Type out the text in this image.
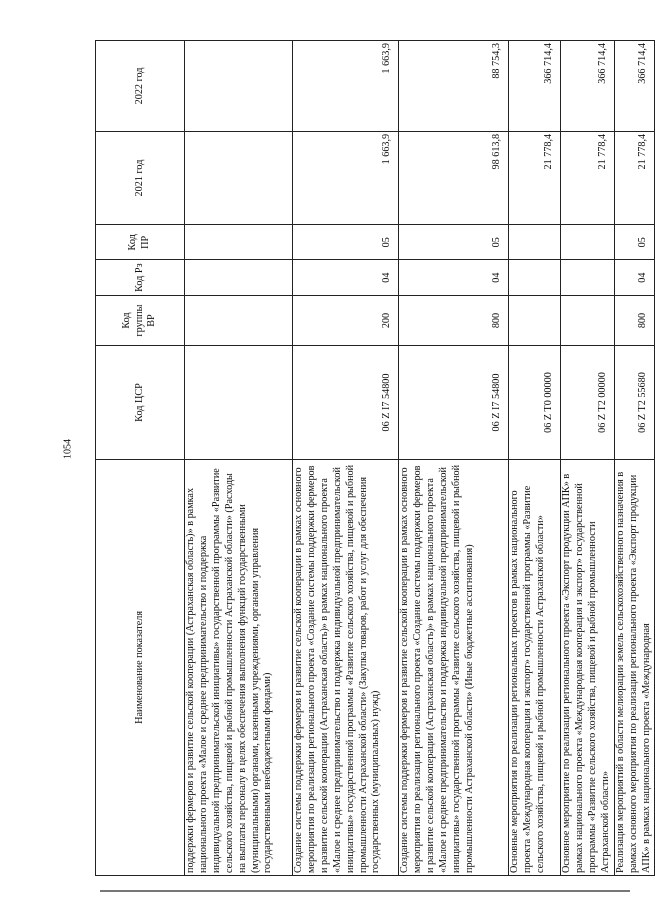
1054
Наименование показателя	Код ЦСР	Код группы ВР	Код Рз	Код ПР	2021 год	2022 год
поддержки фермеров и развитие сельской кооперации (Астраханская область)» в рамках национального проекта «Малое и среднее предпринимательство и поддержка индивидуальной предпринимательской инициативы» государственной программы «Развитие сельского хозяйства, пищевой и рыбной промышленности Астраханской области» (Расходы на выплаты персоналу в целях обеспечения выполнения функций государственными (муниципальными) органами, казенными учреждениями, органами управления государственными внебюджетными фондами)						
Создание системы поддержки фермеров и развитие сельской кооперации в рамках основного мероприятия по реализации регионального проекта «Создание системы поддержки фермеров и развитие сельской кооперации (Астраханская область)» в рамках национального проекта «Малое и среднее предпринимательство и поддержка индивидуальной предпринимательской инициативы» государственной программы «Развитие сельского хозяйства, пищевой и рыбной промышленности Астраханской области» (Закупка товаров, работ и услуг для обеспечения государственных (муниципальных) нужд)	06 Z I7 54800	200	04	05	1 663,9	1 663,9
Создание системы поддержки фермеров и развитие сельской кооперации в рамках основного мероприятия по реализации регионального проекта «Создание системы поддержки фермеров и развитие сельской кооперации (Астраханская область)» в рамках национального проекта «Малое и среднее предпринимательство и поддержка индивидуальной предпринимательской инициативы» государственной программы «Развитие сельского хозяйства, пищевой и рыбной промышленности Астраханской области» (Иные бюджетные ассигнования)	06 Z I7 54800	800	04	05	98 613,8	88 754,3
Основные мероприятия по реализации региональных проектов в рамках национального проекта «Международная кооперация и экспорт» государственной программы «Развитие сельского хозяйства, пищевой и рыбной промышленности Астраханской области»	06 Z T0 00000				21 778,4	366 714,4
Основное мероприятие по реализации регионального проекта «Экспорт продукции АПК» в рамках национального проекта «Международная кооперация и экспорт» государственной программы «Развитие сельского хозяйства, пищевой и рыбной промышленности Астраханской области»	06 Z T2 00000				21 778,4	366 714,4
Реализация мероприятий в области мелиорации земель сельскохозяйственного назначения в рамках основного мероприятия по реализации регионального проекта «Экспорт продукции АПК» в рамках национального проекта «Международная	06 Z T2 55680	800	04	05	21 778,4	366 714,4
